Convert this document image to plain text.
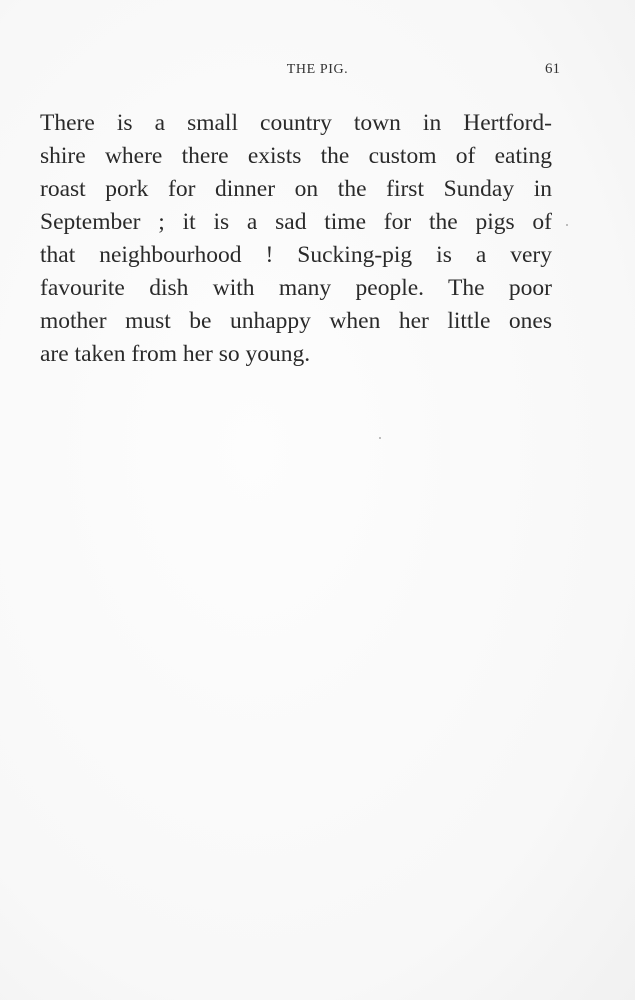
THE PIG.	61
There is a small country town in Hertford-
shire where there exists the custom of eating
roast pork for dinner on the first Sunday in
September ; it is a sad time for the pigs of
that neighbourhood ! Sucking-pig is a very
favourite dish with many people. The poor
mother must be unhappy when her little ones
are taken from her so young.
